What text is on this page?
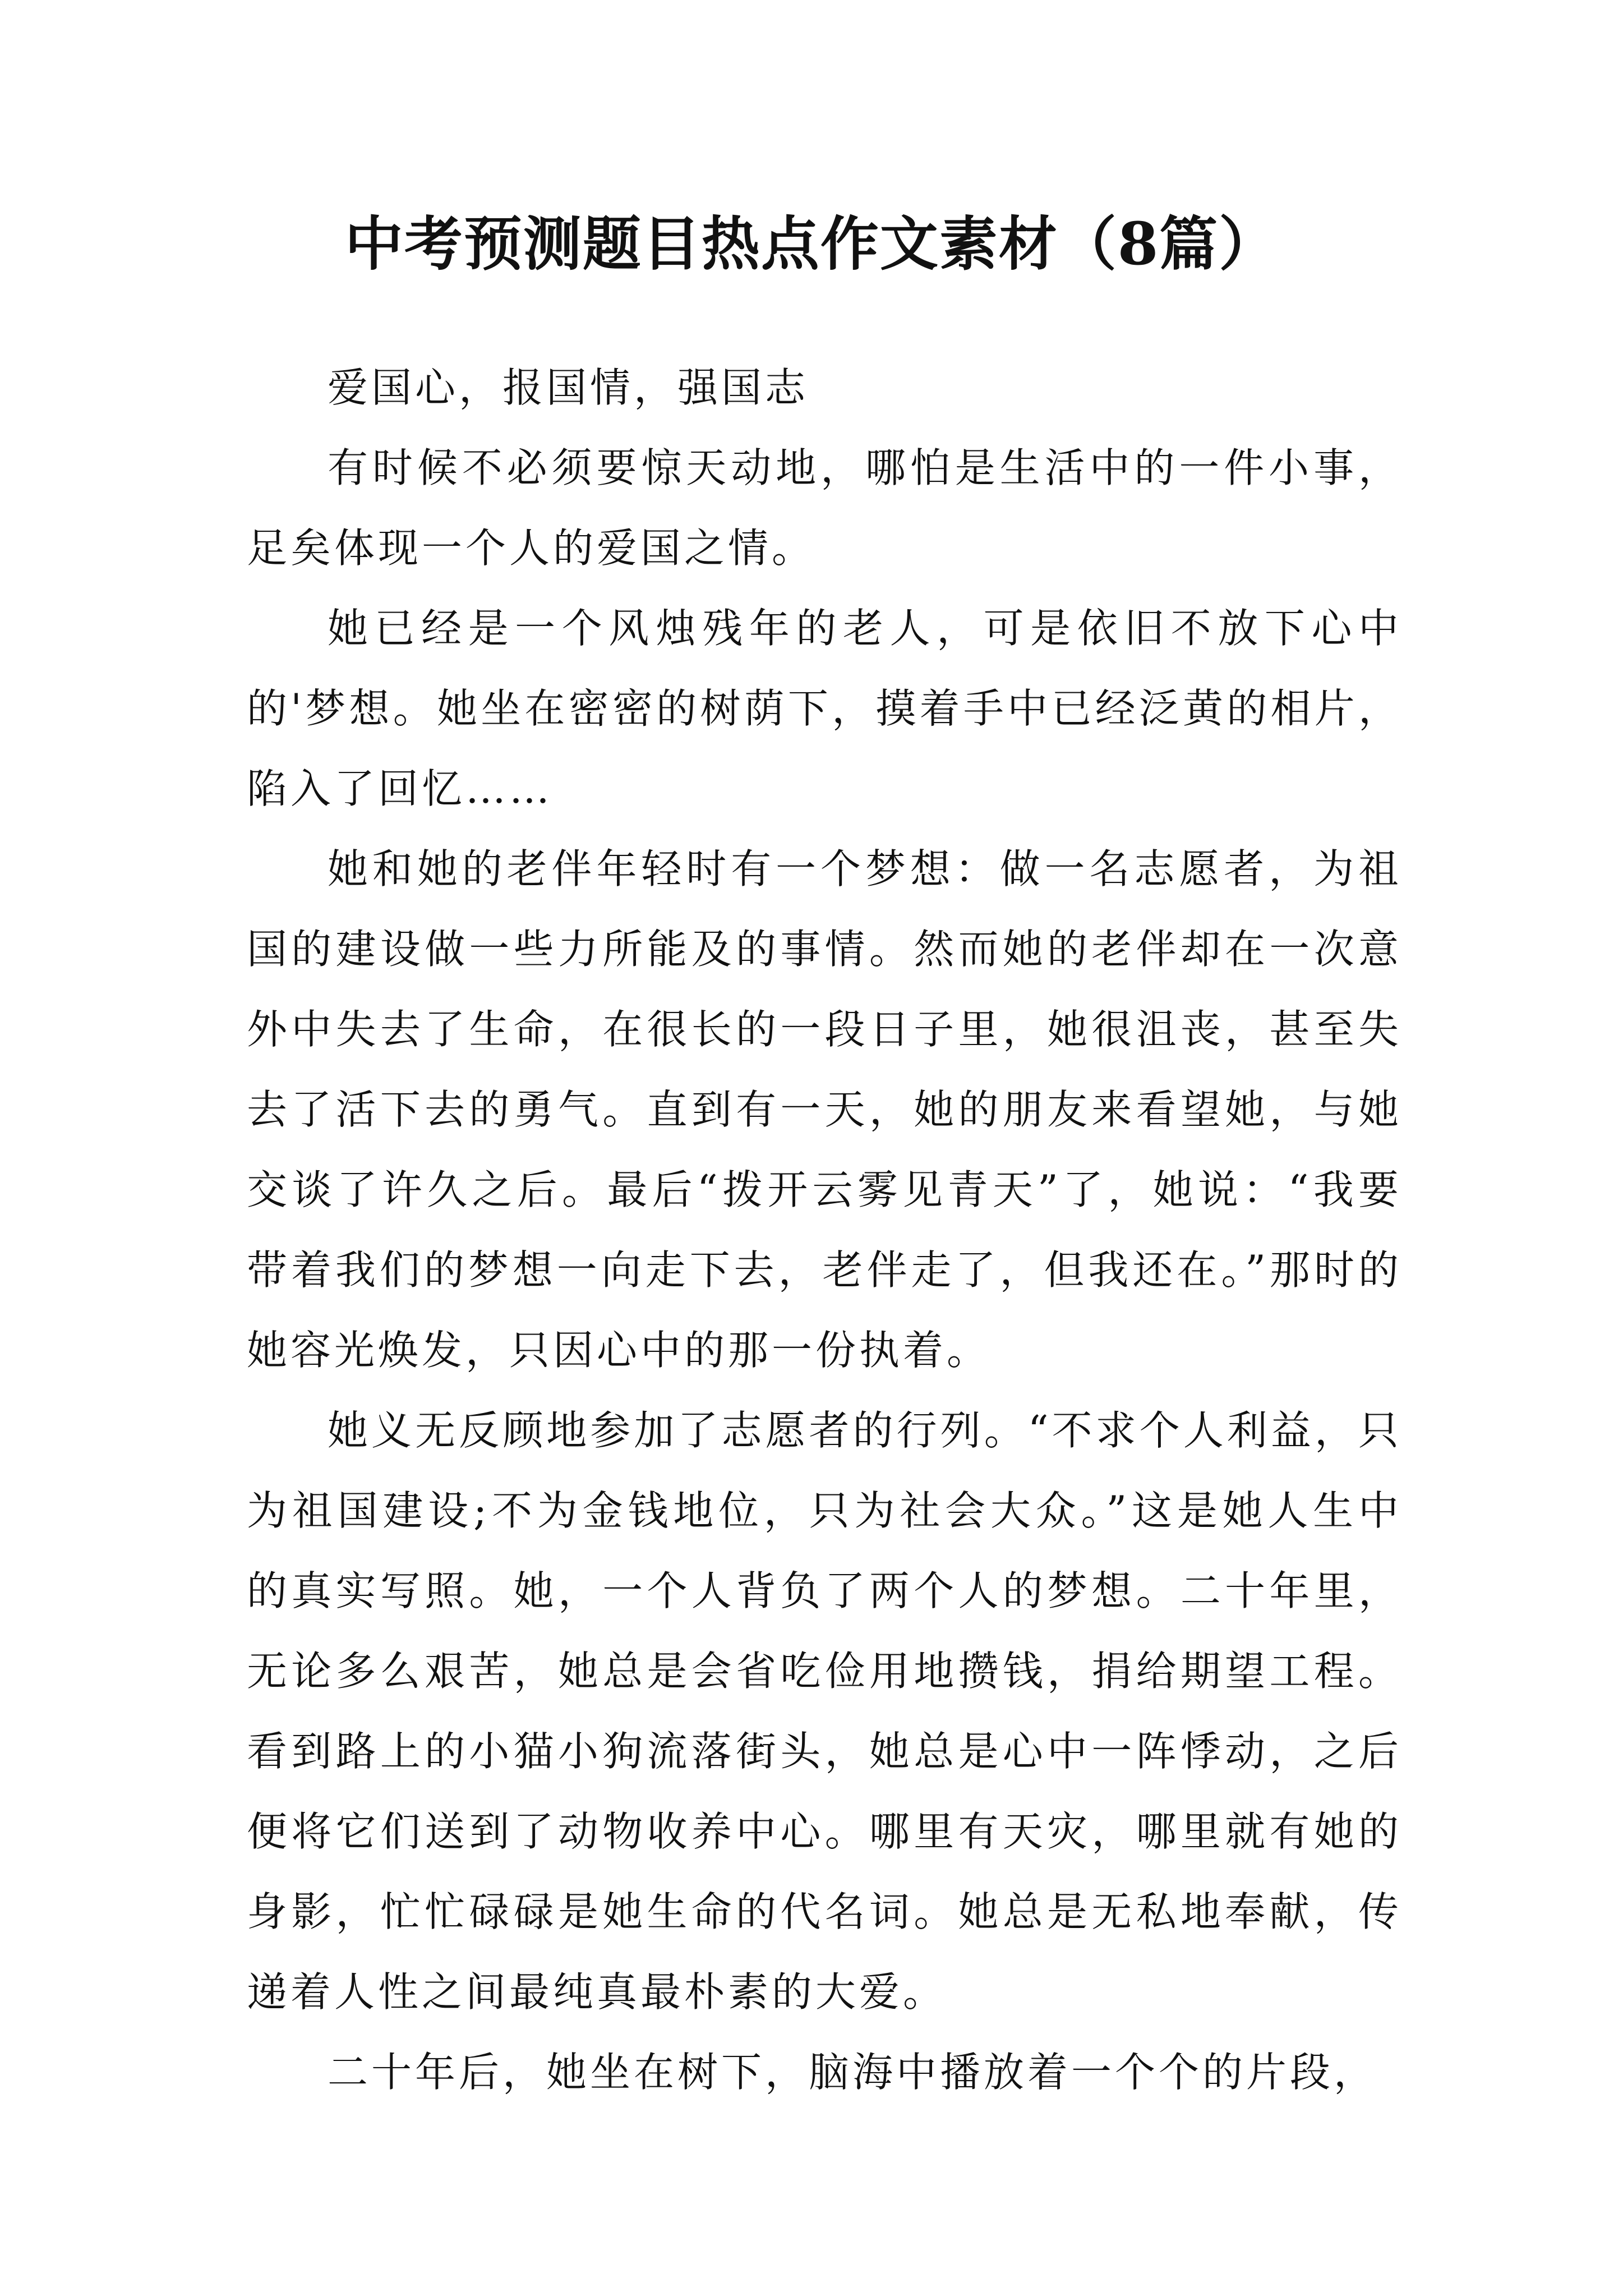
中考预测题目热点作文素材（8篇）

爱国心，报国情，强国志

有时候不必须要惊天动地，哪怕是生活中的一件小事，足矣体现一个人的爱国之情。

她已经是一个风烛残年的老人，可是依旧不放下心中的'梦想。她坐在密密的树荫下，摸着手中已经泛黄的相片，陷入了回忆……

她和她的老伴年轻时有一个梦想：做一名志愿者，为祖国的建设做一些力所能及的事情。然而她的老伴却在一次意外中失去了生命，在很长的一段日子里，她很沮丧，甚至失去了活下去的勇气。直到有一天，她的朋友来看望她，与她交谈了许久之后。最后“拨开云雾见青天”了，她说：“我要带着我们的梦想一向走下去，老伴走了，但我还在。”那时的她容光焕发，只因心中的那一份执着。

她义无反顾地参加了志愿者的行列。“不求个人利益，只为祖国建设;不为金钱地位，只为社会大众。”这是她人生中的真实写照。她，一个人背负了两个人的梦想。二十年里，无论多么艰苦，她总是会省吃俭用地攒钱，捐给期望工程。看到路上的小猫小狗流落街头，她总是心中一阵悸动，之后便将它们送到了动物收养中心。哪里有天灾，哪里就有她的身影，忙忙碌碌是她生命的代名词。她总是无私地奉献，传递着人性之间最纯真最朴素的大爱。

二十年后，她坐在树下，脑海中播放着一个个的片段，
